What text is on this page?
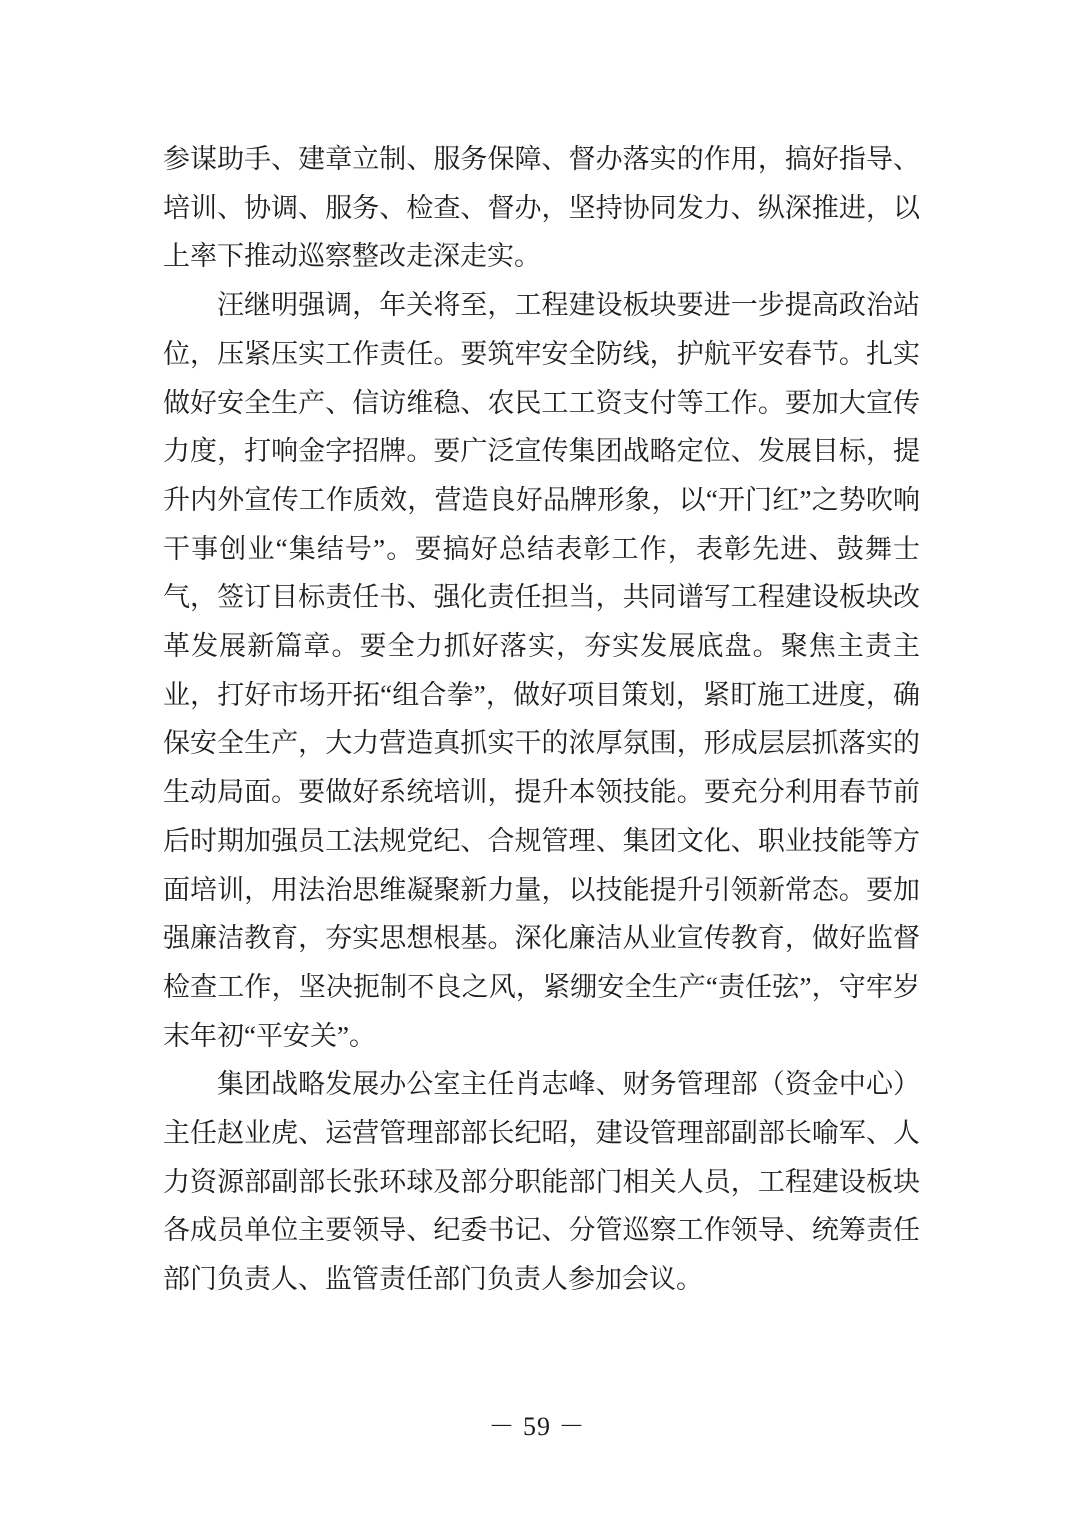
参谋助手、建章立制、服务保障、督办落实的作用，搞好指导、培训、协调、服务、检查、督办，坚持协同发力、纵深推进，以上率下推动巡察整改走深走实。

汪继明强调，年关将至，工程建设板块要进一步提高政治站位，压紧压实工作责任。要筑牢安全防线，护航平安春节。扎实做好安全生产、信访维稳、农民工工资支付等工作。要加大宣传力度，打响金字招牌。要广泛宣传集团战略定位、发展目标，提升内外宣传工作质效，营造良好品牌形象，以“开门红”之势吹响干事创业“集结号”。要搞好总结表彰工作，表彰先进、鼓舞士气，签订目标责任书、强化责任担当，共同谱写工程建设板块改革发展新篇章。要全力抓好落实，夯实发展底盘。聚焦主责主业，打好市场开拓“组合拳”，做好项目策划，紧盯施工进度，确保安全生产，大力营造真抓实干的浓厚氛围，形成层层抓落实的生动局面。要做好系统培训，提升本领技能。要充分利用春节前后时期加强员工法规党纪、合规管理、集团文化、职业技能等方面培训，用法治思维凝聚新力量，以技能提升引领新常态。要加强廉洁教育，夯实思想根基。深化廉洁从业宣传教育，做好监督检查工作，坚决扼制不良之风，紧绷安全生产“责任弦”，守牢岁末年初“平安关”。

集团战略发展办公室主任肖志峰、财务管理部（资金中心）主任赵业虎、运营管理部部长纪昭，建设管理部副部长喻军、人力资源部副部长张环球及部分职能部门相关人员，工程建设板块各成员单位主要领导、纪委书记、分管巡察工作领导、统筹责任部门负责人、监管责任部门负责人参加会议。

－ 59 －
